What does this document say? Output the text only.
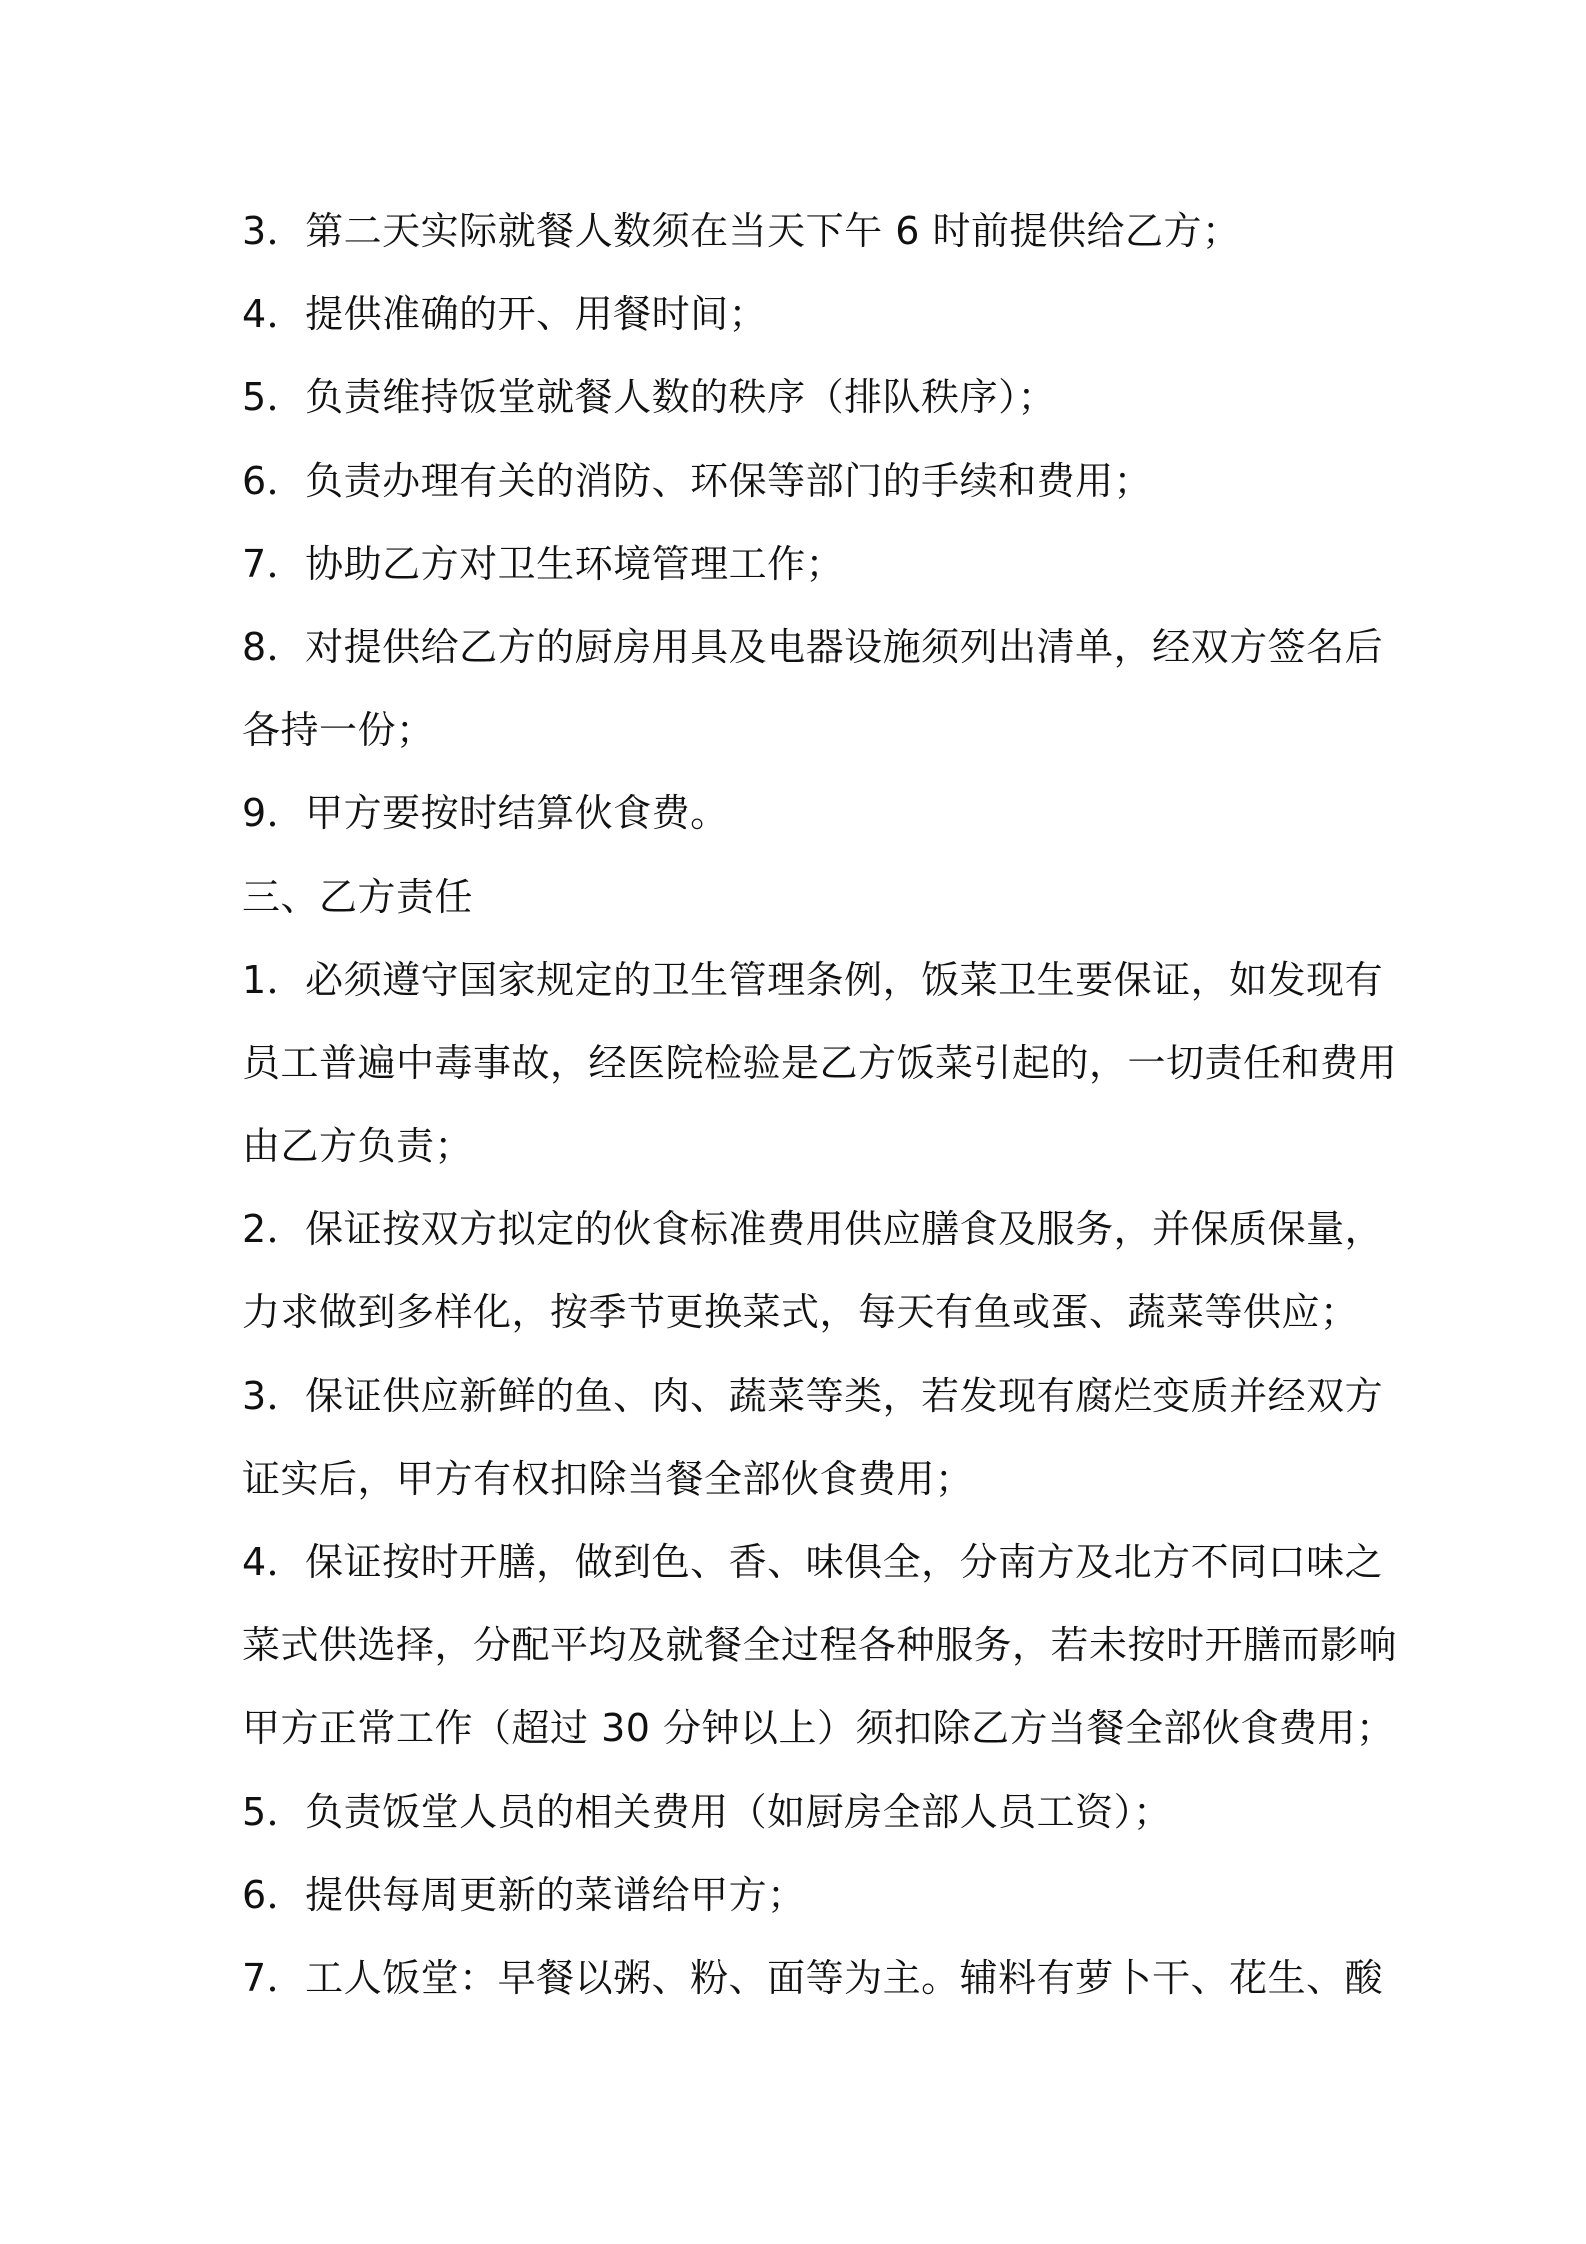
3．第二天实际就餐人数须在当天下午 6 时前提供给乙方；
4．提供准确的开、用餐时间；
5．负责维持饭堂就餐人数的秩序（排队秩序）；
6．负责办理有关的消防、环保等部门的手续和费用；
7．协助乙方对卫生环境管理工作；
8．对提供给乙方的厨房用具及电器设施须列出清单，经双方签名后
各持一份；
9．甲方要按时结算伙食费。
三、乙方责任
1．必须遵守国家规定的卫生管理条例，饭菜卫生要保证，如发现有
员工普遍中毒事故，经医院检验是乙方饭菜引起的，一切责任和费用
由乙方负责；
2．保证按双方拟定的伙食标准费用供应膳食及服务，并保质保量，
力求做到多样化，按季节更换菜式，每天有鱼或蛋、蔬菜等供应；
3．保证供应新鲜的鱼、肉、蔬菜等类，若发现有腐烂变质并经双方
证实后，甲方有权扣除当餐全部伙食费用；
4．保证按时开膳，做到色、香、味俱全，分南方及北方不同口味之
菜式供选择，分配平均及就餐全过程各种服务，若未按时开膳而影响
甲方正常工作（超过 30 分钟以上）须扣除乙方当餐全部伙食费用；
5．负责饭堂人员的相关费用（如厨房全部人员工资）；
6．提供每周更新的菜谱给甲方；
7．工人饭堂：早餐以粥、粉、面等为主。辅料有萝卜干、花生、酸
